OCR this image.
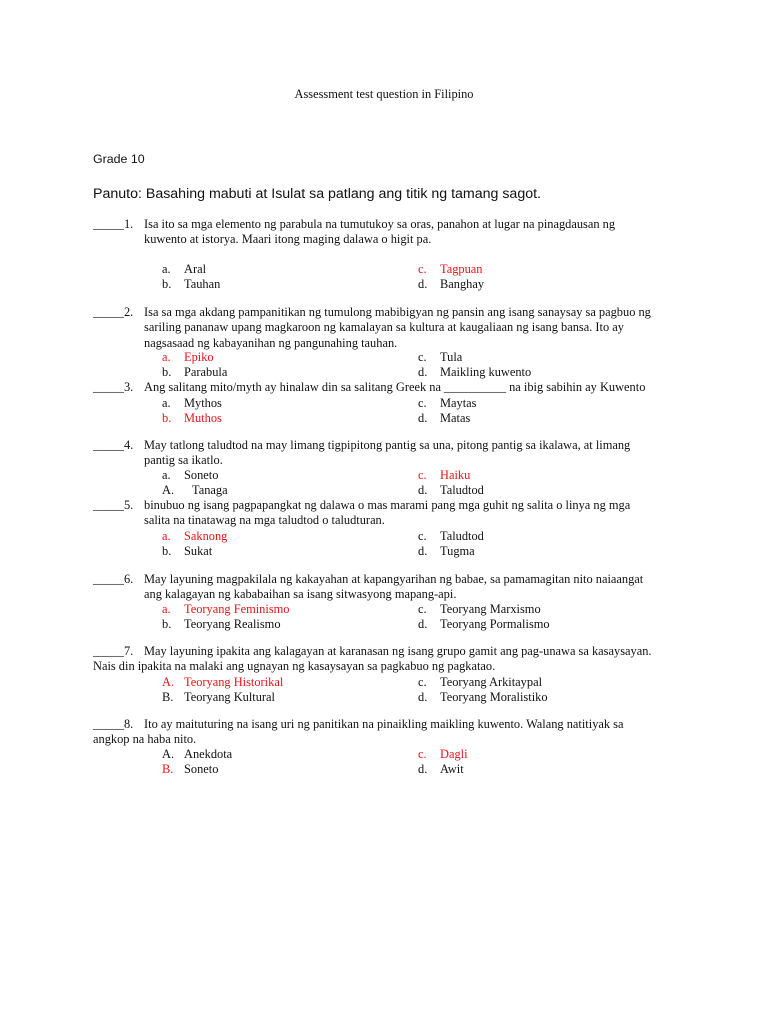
Assessment test question in Filipino
Grade 10
Panuto: Basahing mabuti at Isulat sa patlang ang titik ng tamang sagot.
_____1. Isa ito sa mga elemento ng parabula na tumutukoy sa oras, panahon at lugar na pinagdausan ng
kuwento at istorya. Maari itong maging dalawa o higit pa.
a. Aral
b. Tauhan
c. Tagpuan
d. Banghay
_____2. Isa sa mga akdang pampanitikan ng tumulong mabibigyan ng pansin ang isang sanaysay sa pagbuo ng
sariling pananaw upang magkaroon ng kamalayan sa kultura at kaugaliaan ng isang bansa. Ito ay
nagsasaad ng kabayanihan ng pangunahing tauhan.
a. Epiko
b. Parabula
c. Tula
d. Maikling kuwento
_____3. Ang salitang mito/myth ay hinalaw din sa salitang Greek na __________ na ibig sabihin ay Kuwento
a. Mythos
b. Muthos
c. Maytas
d. Matas
_____4. May tatlong taludtod na may limang tigpipitong pantig sa una, pitong pantig sa ikalawa, at limang
pantig sa ikatlo.
a. Soneto
A. Tanaga
c. Haiku
d. Taludtod
_____5. binubuo ng isang pagpapangkat ng dalawa o mas marami pang mga guhit ng salita o linya ng mga
salita na tinatawag na mga taludtod o taludturan.
a. Saknong
b. Sukat
c. Taludtod
d. Tugma
_____6. May layuning magpakilala ng kakayahan at kapangyarihan ng babae, sa pamamagitan nito naiaangat
ang kalagayan ng kababaihan sa isang sitwasyong mapang-api.
a. Teoryang Feminismo
b. Teoryang Realismo
c. Teoryang Marxismo
d. Teoryang Pormalismo
_____7. May layuning ipakita ang kalagayan at karanasan ng isang grupo gamit ang pag-unawa sa kasaysayan.
Nais din ipakita na malaki ang ugnayan ng kasaysayan sa pagkabuo ng pagkatao.
A. Teoryang Historikal
B. Teoryang Kultural
c. Teoryang Arkitaypal
d. Teoryang Moralistiko
_____8. Ito ay maituturing na isang uri ng panitikan na pinaikling maikling kuwento. Walang natitiyak sa
angkop na haba nito.
A. Anekdota
B. Soneto
c. Dagli
d. Awit
